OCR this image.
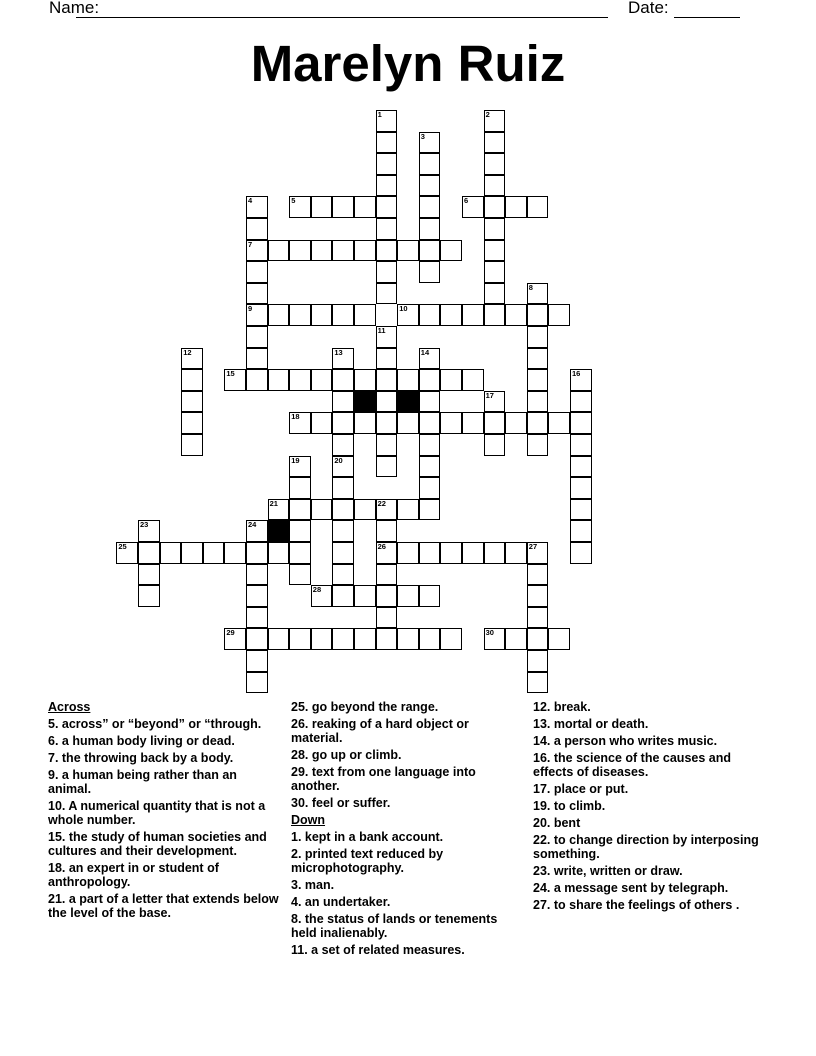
Name:	Date:
Marelyn Ruiz
5	6
7
9	10
15
18
21
25	26
28
29	30
1	2
3
4
8
11
12	13	14
16
17
19	20
22
23	24
27
Across
5. across” or “beyond” or “through.
6. a human body living or dead.
7. the throwing back by a body.
9. a human being rather than an animal.
10. A numerical quantity that is not a whole number.
15. the study of human societies and cultures and their development.
18. an expert in or student of anthropology.
21. a part of a letter that extends below the level of the base.
25. go beyond the range.
26. reaking of a hard object or material.
28. go up or climb.
29. text from one language into another.
30. feel or suffer.
Down
1. kept in a bank account.
2. printed text reduced by microphotography.
3. man.
4. an undertaker.
8. the status of lands or tenements held inalienably.
11. a set of related measures.
12. break.
13. mortal or death.
14. a person who writes music.
16. the science of the causes and effects of diseases.
17. place or put.
19. to climb.
20. bent
22. to change direction by interposing something.
23. write, written or draw.
24. a message sent by telegraph.
27. to share the feelings of others .
